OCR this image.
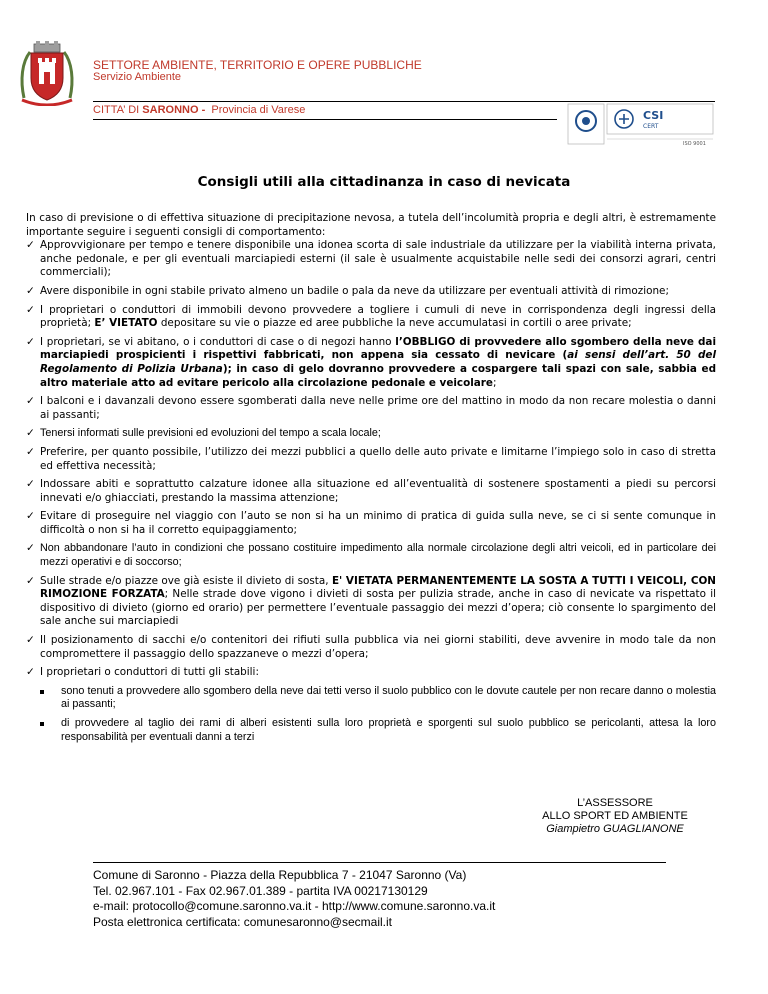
SETTORE AMBIENTE, TERRITORIO E OPERE PUBBLICHE
Servizio Ambiente
CITTA’ DI SARONNO - Provincia di Varese	CSI
CERT
ISO 9001
Consigli utili alla cittadinanza in caso di nevicata

In caso di previsione o di effettiva situazione di precipitazione nevosa, a tutela dell’incolumità propria e degli altri, è estremamente importante seguire i seguenti consigli di comportamento:

✓ Approvvigionare per tempo e tenere disponibile una idonea scorta di sale industriale da utilizzare per la viabilità interna privata, anche pedonale, e per gli eventuali marciapiedi esterni (il sale è usualmente acquistabile nelle sedi dei consorzi agrari, centri commerciali);
✓ Avere disponibile in ogni stabile privato almeno un badile o pala da neve da utilizzare per eventuali attività di rimozione;
✓ I proprietari o conduttori di immobili devono provvedere a togliere i cumuli di neve in corrispondenza degli ingressi della proprietà; E’ VIETATO depositare su vie o piazze ed aree pubbliche la neve accumulatasi in cortili o aree private;
✓ I proprietari, se vi abitano, o i conduttori di case o di negozi hanno l’OBBLIGO di provvedere allo sgombero della neve dai marciapiedi prospicienti i rispettivi fabbricati, non appena sia cessato di nevicare (ai sensi dell’art. 50 del Regolamento di Polizia Urbana); in caso di gelo dovranno provvedere a cospargere tali spazi con sale, sabbia ed altro materiale atto ad evitare pericolo alla circolazione pedonale e veicolare;
✓ I balconi e i davanzali devono essere sgomberati dalla neve nelle prime ore del mattino in modo da non recare molestia o danni ai passanti;
✓ Tenersi informati sulle previsioni ed evoluzioni del tempo a scala locale;
✓ Preferire, per quanto possibile, l’utilizzo dei mezzi pubblici a quello delle auto private e limitarne l’impiego solo in caso di stretta ed effettiva necessità;
✓ Indossare abiti e soprattutto calzature idonee alla situazione ed all’eventualità di sostenere spostamenti a piedi su percorsi innevati e/o ghiacciati, prestando la massima attenzione;
✓ Evitare di proseguire nel viaggio con l’auto se non si ha un minimo di pratica di guida sulla neve, se ci si sente comunque in difficoltà o non si ha il corretto equipaggiamento;
✓ Non abbandonare l’auto in condizioni che possano costituire impedimento alla normale circolazione degli altri veicoli, ed in particolare dei mezzi operativi e di soccorso;
✓ Sulle strade e/o piazze ove già esiste il divieto di sosta, E' VIETATA PERMANENTEMENTE LA SOSTA A TUTTI I VEICOLI, CON RIMOZIONE FORZATA; Nelle strade dove vigono i divieti di sosta per pulizia strade, anche in caso di nevicate va rispettato il dispositivo di divieto (giorno ed orario) per permettere l’eventuale passaggio dei mezzi d’opera; ciò consente lo spargimento del sale anche sui marciapiedi
✓ Il posizionamento di sacchi e/o contenitori dei rifiuti sulla pubblica via nei giorni stabiliti, deve avvenire in modo tale da non compromettere il passaggio dello spazzaneve o mezzi d’opera;
✓ I proprietari o conduttori di tutti gli stabili:
sono tenuti a provvedere allo sgombero della neve dai tetti verso il suolo pubblico con le dovute cautele per non recare danno o molestia ai passanti;
di provvedere al taglio dei rami di alberi esistenti sulla loro proprietà e sporgenti sul suolo pubblico se pericolanti, attesa la loro responsabilità per eventuali danni a terzi
L’ASSESSORE
ALLO SPORT ED AMBIENTE
Giampietro GUAGLIANONE
Comune di Saronno - Piazza della Repubblica 7 - 21047 Saronno (Va)
Tel. 02.967.101 - Fax 02.967.01.389 - partita IVA 00217130129
e-mail: protocollo@comune.saronno.va.it - http://www.comune.saronno.va.it
Posta elettronica certificata: comunesaronno@secmail.it
